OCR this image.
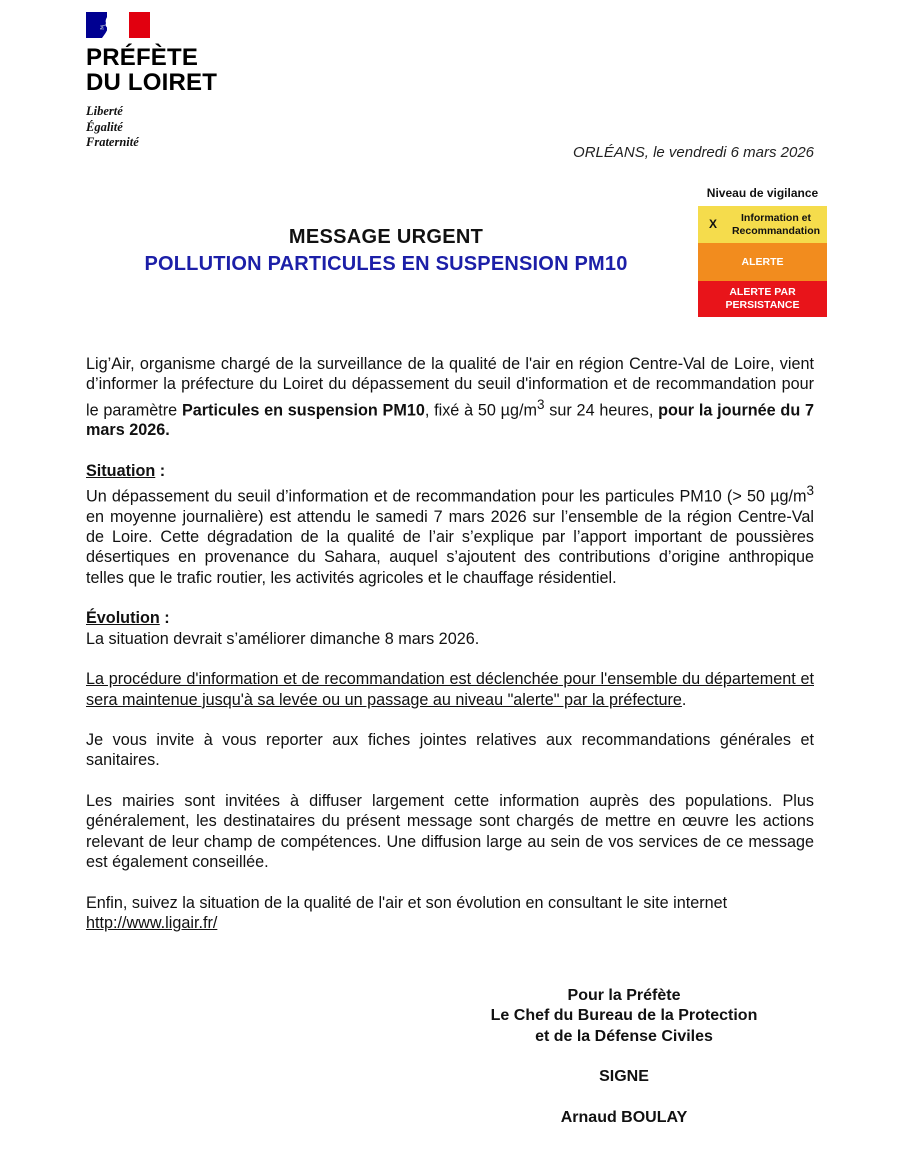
PRÉFÈTE
DU LOIRET
Liberté
Égalité
Fraternité
ORLÉANS, le vendredi 6 mars 2026
Niveau de vigilance
X	Information et Recommandation
ALERTE
ALERTE PAR PERSISTANCE
MESSAGE URGENT
POLLUTION PARTICULES EN SUSPENSION PM10

Lig’Air, organisme chargé de la surveillance de la qualité de l'air en région Centre-Val de Loire, vient d’informer la préfecture du Loiret du dépassement du seuil d'information et de recommandation pour le paramètre Particules en suspension PM10, fixé à 50 $\mu g/m^3$ sur 24 heures, pour la journée du 7 mars 2026.

Situation :
Un dépassement du seuil d’information et de recommandation pour les particules PM10 (> 50 $\mu g/m^3$ en moyenne journalière) est attendu le samedi 7 mars 2026 sur l’ensemble de la région Centre-Val de Loire. Cette dégradation de la qualité de l’air s’explique par l’apport important de poussières désertiques en provenance du Sahara, auquel s’ajoutent des contributions d’origine anthropique telles que le trafic routier, les activités agricoles et le chauffage résidentiel.

Évolution :
La situation devrait s’améliorer dimanche 8 mars 2026.

La procédure d'information et de recommandation est déclenchée pour l'ensemble du département et sera maintenue jusqu'à sa levée ou un passage au niveau "alerte" par la préfecture.

Je vous invite à vous reporter aux fiches jointes relatives aux recommandations générales et sanitaires.

Les mairies sont invitées à diffuser largement cette information auprès des populations. Plus généralement, les destinataires du présent message sont chargés de mettre en œuvre les actions relevant de leur champ de compétences. Une diffusion large au sein de vos services de ce message est également conseillée.

Enfin, suivez la situation de la qualité de l'air et son évolution en consultant le site internet
http://www.ligair.fr/

Pour la Préfète
Le Chef du Bureau de la Protection
et de la Défense Civiles
SIGNE
Arnaud BOULAY
